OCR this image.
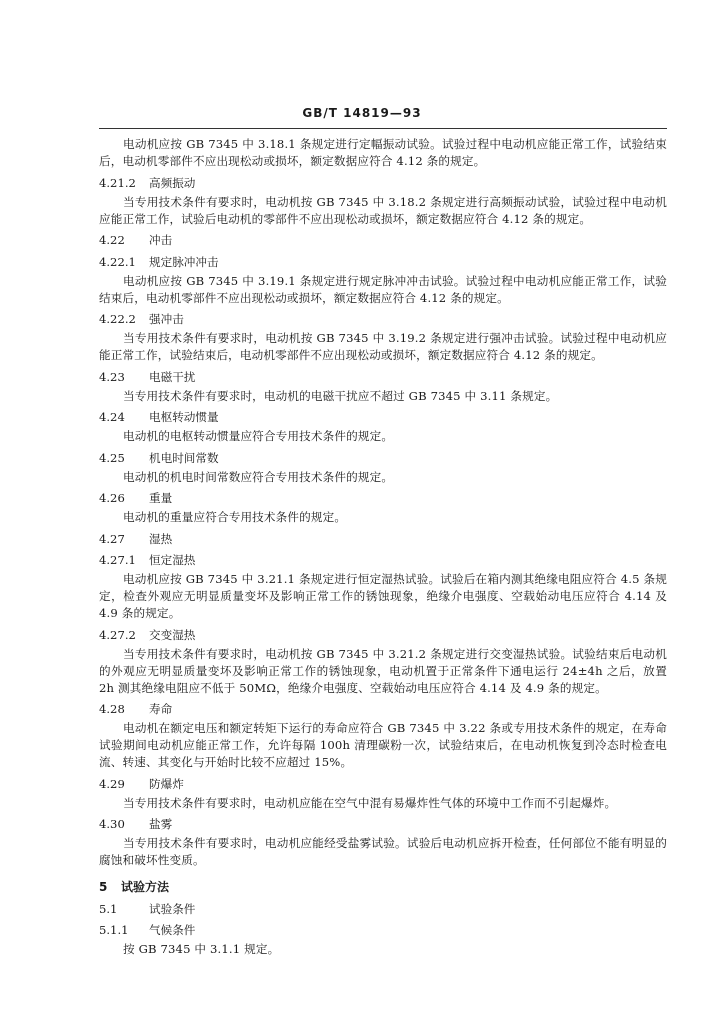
GB/T 14819—93

电动机应按 GB 7345 中 3.18.1 条规定进行定幅振动试验。试验过程中电动机应能正常工作，试验结束后，电动机零部件不应出现松动或损坏，额定数据应符合 4.12 条的规定。

4.21.2 高频振动

当专用技术条件有要求时，电动机按 GB 7345 中 3.18.2 条规定进行高频振动试验，试验过程中电动机应能正常工作，试验后电动机的零部件不应出现松动或损坏，额定数据应符合 4.12 条的规定。

4.22 冲击
4.22.1 规定脉冲冲击

电动机应按 GB 7345 中 3.19.1 条规定进行规定脉冲冲击试验。试验过程中电动机应能正常工作，试验结束后，电动机零部件不应出现松动或损坏，额定数据应符合 4.12 条的规定。

4.22.2 强冲击

当专用技术条件有要求时，电动机按 GB 7345 中 3.19.2 条规定进行强冲击试验。试验过程中电动机应能正常工作，试验结束后，电动机零部件不应出现松动或损坏，额定数据应符合 4.12 条的规定。

4.23 电磁干扰

当专用技术条件有要求时，电动机的电磁干扰应不超过 GB 7345 中 3.11 条规定。

4.24 电枢转动惯量

电动机的电枢转动惯量应符合专用技术条件的规定。

4.25 机电时间常数

电动机的机电时间常数应符合专用技术条件的规定。

4.26 重量

电动机的重量应符合专用技术条件的规定。

4.27 湿热
4.27.1 恒定湿热

电动机应按 GB 7345 中 3.21.1 条规定进行恒定湿热试验。试验后在箱内测其绝缘电阻应符合 4.5 条规定，检查外观应无明显质量变坏及影响正常工作的锈蚀现象，绝缘介电强度、空载始动电压应符合 4.14 及 4.9 条的规定。

4.27.2 交变湿热

当专用技术条件有要求时，电动机按 GB 7345 中 3.21.2 条规定进行交变湿热试验。试验结束后电动机的外观应无明显质量变坏及影响正常工作的锈蚀现象，电动机置于正常条件下通电运行 24±4h 之后，放置 2h 测其绝缘电阻应不低于 50MΩ，绝缘介电强度、空载始动电压应符合 4.14 及 4.9 条的规定。

4.28 寿命

电动机在额定电压和额定转矩下运行的寿命应符合 GB 7345 中 3.22 条或专用技术条件的规定，在寿命试验期间电动机应能正常工作，允许每隔 100h 清理碳粉一次，试验结束后，在电动机恢复到冷态时检查电流、转速、其变化与开始时比较不应超过 15%。

4.29 防爆炸

当专用技术条件有要求时，电动机应能在空气中混有易爆炸性气体的环境中工作而不引起爆炸。

4.30 盐雾

当专用技术条件有要求时，电动机应能经受盐雾试验。试验后电动机应拆开检查，任何部位不能有明显的腐蚀和破坏性变质。

5 试验方法
5.1	试验条件
5.1.1 气候条件

按 GB 7345 中 3.1.1 规定。
